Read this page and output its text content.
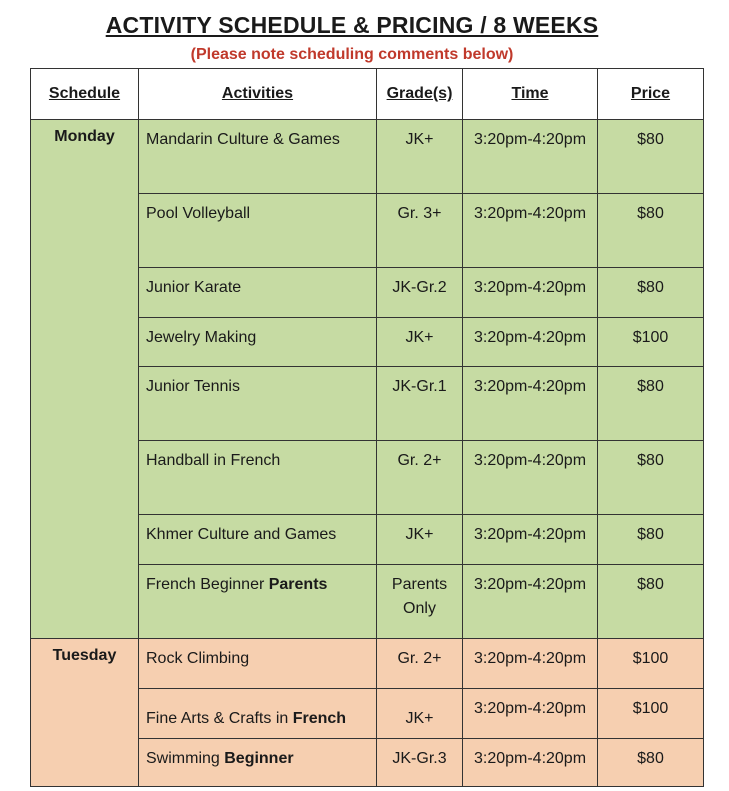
ACTIVITY SCHEDULE & PRICING / 8 WEEKS
(Please note scheduling comments below)
Schedule	Activities	Grade(s)	Time	Price

Monday	Mandarin Culture & Games	JK+	3:20pm-4:20pm	$80

	Pool Volleyball	Gr. 3+	3:20pm-4:20pm	$80

	Junior Karate	JK-Gr.2	3:20pm-4:20pm	$80

	Jewelry Making	JK+	3:20pm-4:20pm	$100

	Junior Tennis	JK-Gr.1	3:20pm-4:20pm	$80

	Handball in French	Gr. 2+	3:20pm-4:20pm	$80

	Khmer Culture and Games	JK+	3:20pm-4:20pm	$80

	French Beginner Parents	Parents
Only	3:20pm-4:20pm	$80

Tuesday	Rock Climbing	Gr. 2+	3:20pm-4:20pm	$100

	Fine Arts & Crafts in French	JK+	3:20pm-4:20pm	$100

	Swimming Beginner	JK-Gr.3	3:20pm-4:20pm	$80
